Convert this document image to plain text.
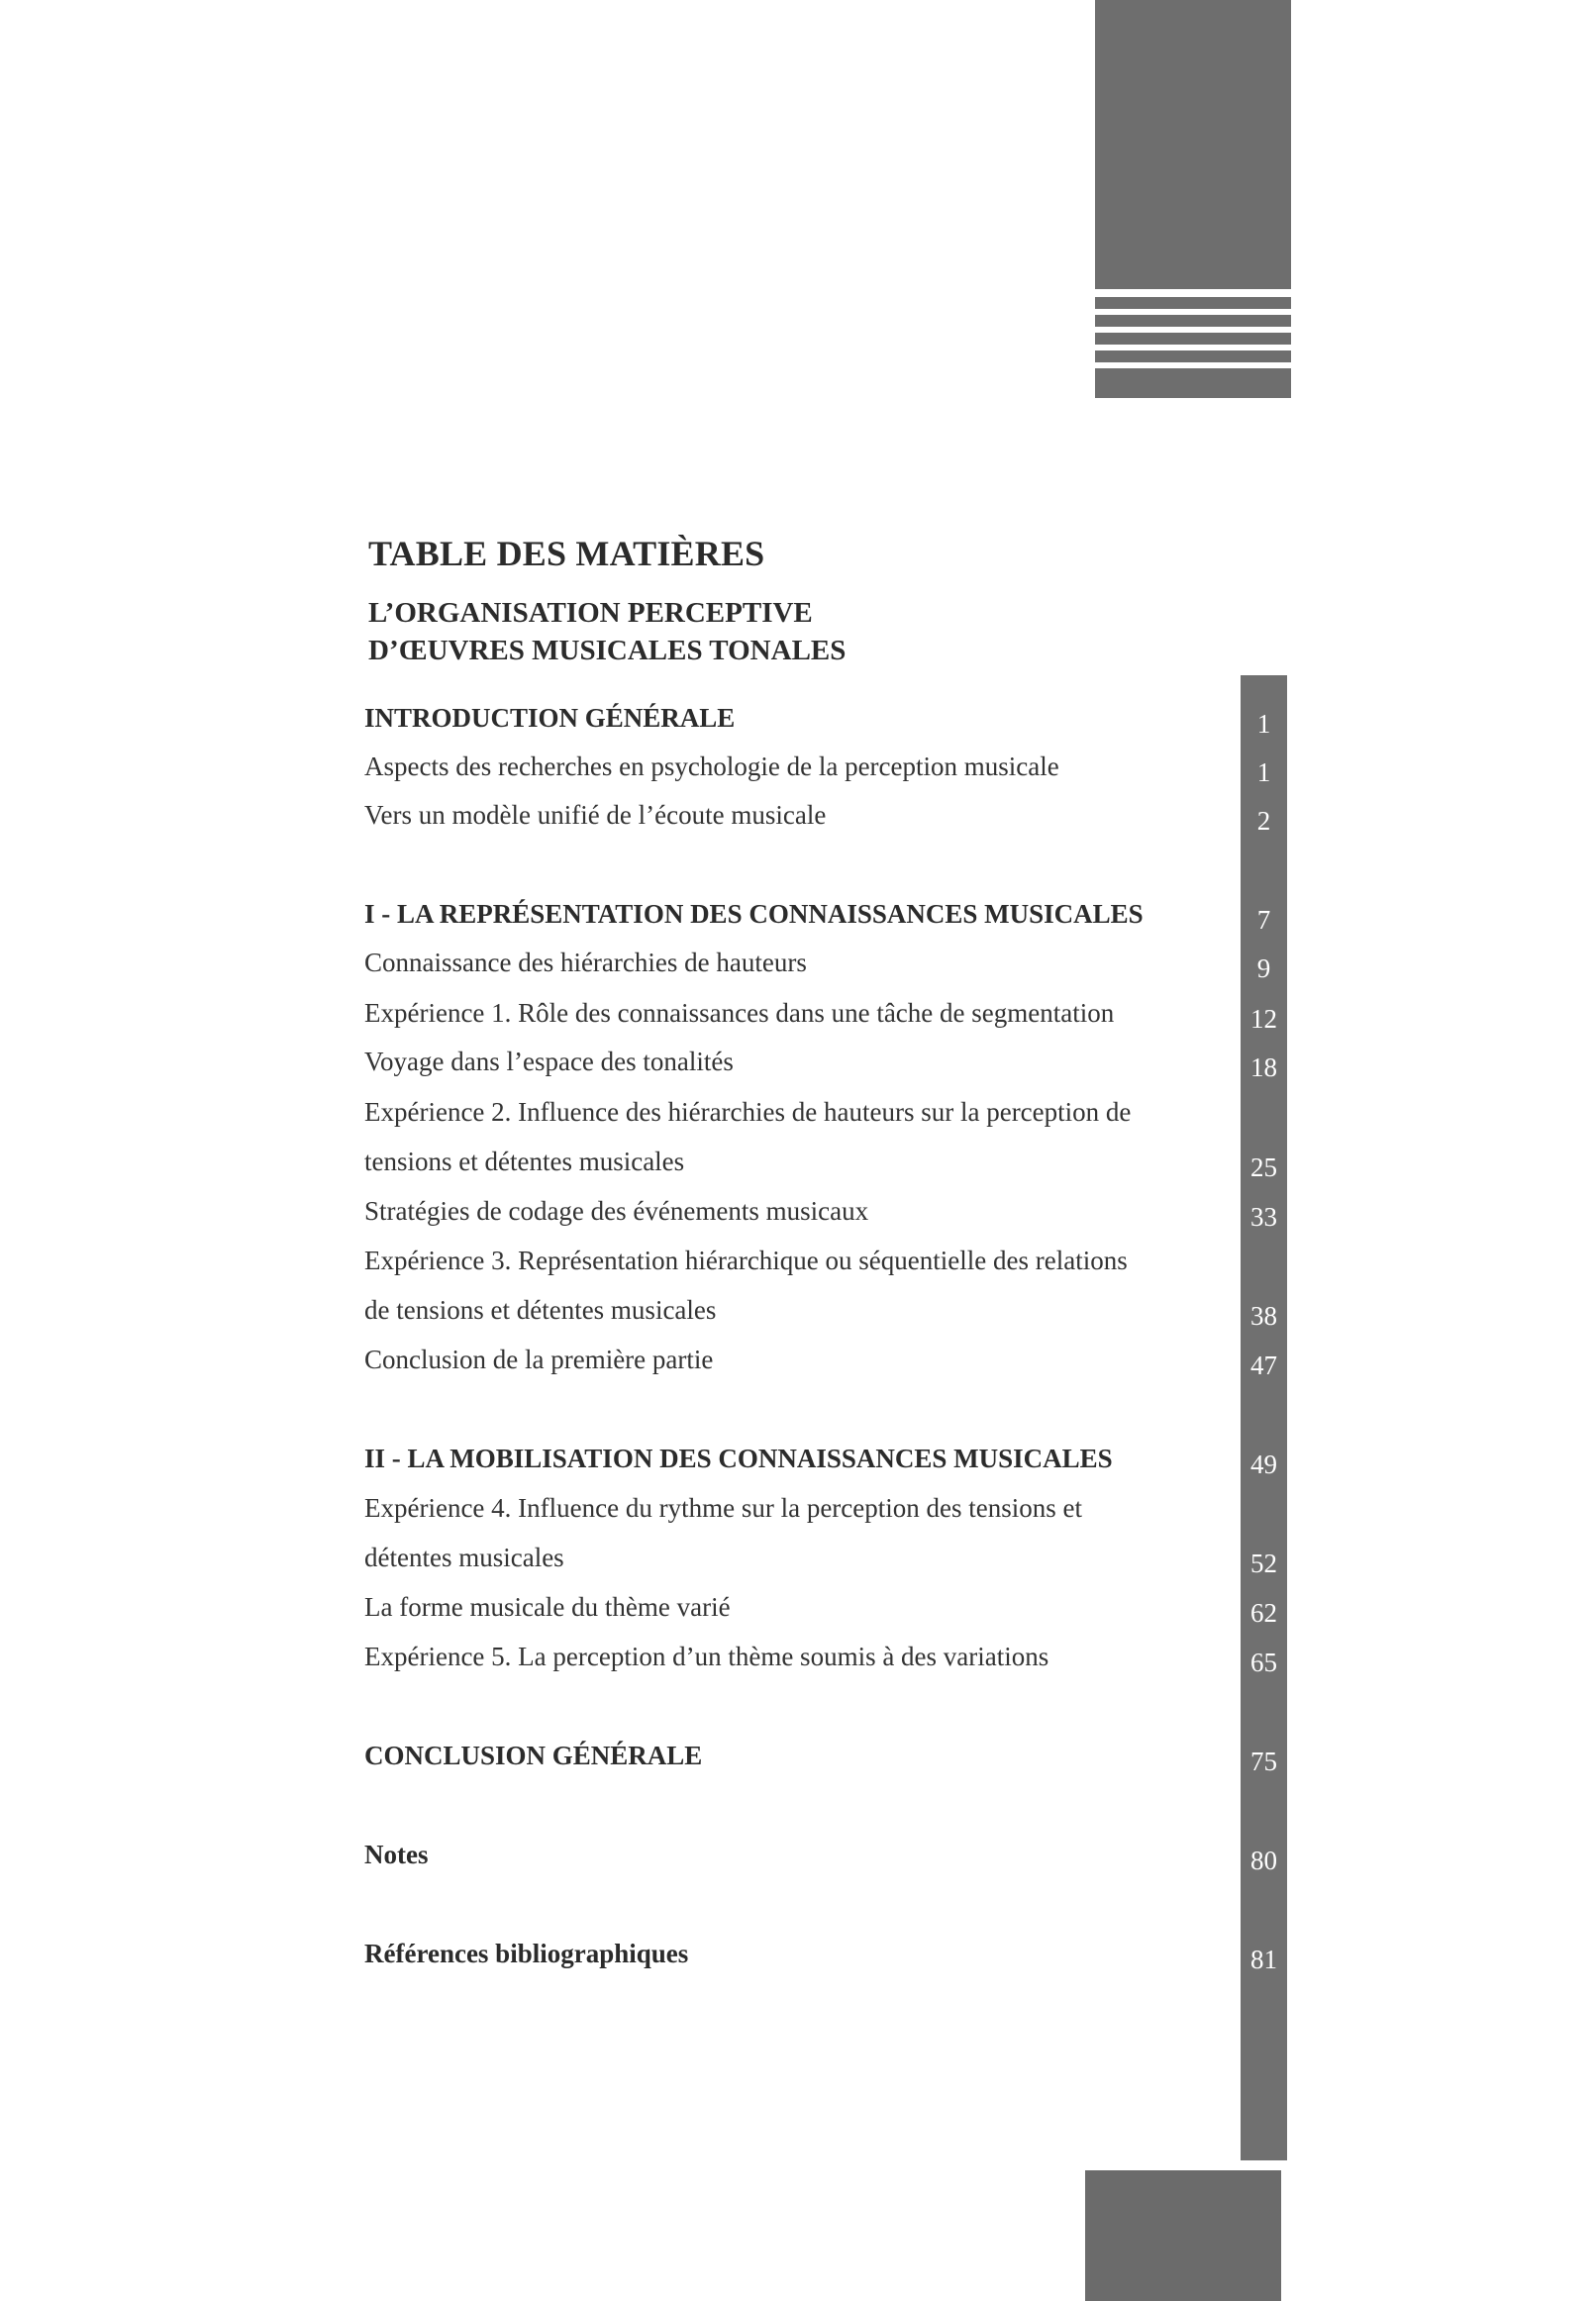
TABLE DES MATIÈRES
L’ORGANISATION PERCEPTIVE
D’ŒUVRES MUSICALES TONALES
INTRODUCTION GÉNÉRALE	1
Aspects des recherches en psychologie de la perception musicale	1
Vers un modèle unifié de l’écoute musicale	2
I - LA REPRÉSENTATION DES CONNAISSANCES MUSICALES	7
Connaissance des hiérarchies de hauteurs	9
Expérience 1. Rôle des connaissances dans une tâche de segmentation	12
Voyage dans l’espace des tonalités	18
Expérience 2. Influence des hiérarchies de hauteurs sur la perception de
tensions et détentes musicales	25
Stratégies de codage des événements musicaux	33
Expérience 3. Représentation hiérarchique ou séquentielle des relations
de tensions et détentes musicales	38
Conclusion de la première partie	47
II - LA MOBILISATION DES CONNAISSANCES MUSICALES	49
Expérience 4. Influence du rythme sur la perception des tensions et
détentes musicales	52
La forme musicale du thème varié	62
Expérience 5. La perception d’un thème soumis à des variations	65
CONCLUSION GÉNÉRALE	75
Notes	80
Références bibliographiques	81
